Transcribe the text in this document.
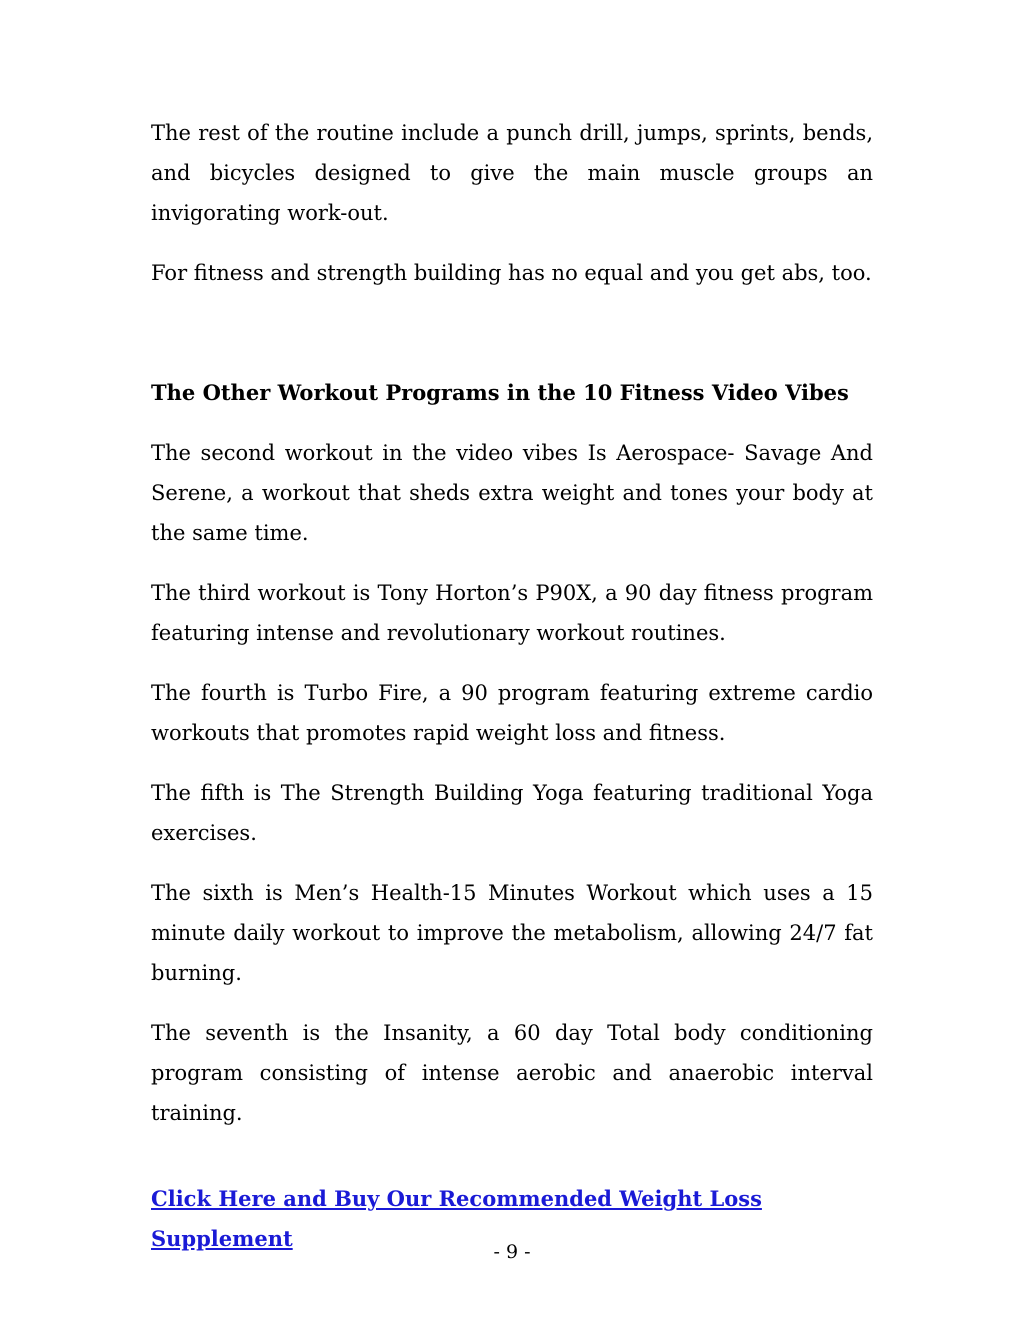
The rest of the routine include a punch drill, jumps, sprints, bends, and bicycles designed to give the main muscle groups an invigorating work-out.

For fitness and strength building has no equal and you get abs, too.

The Other Workout Programs in the 10 Fitness Video Vibes

The second workout in the video vibes Is Aerospace- Savage And Serene, a workout that sheds extra weight and tones your body at the same time.

The third workout is Tony Horton’s P90X, a 90 day fitness program featuring intense and revolutionary workout routines.

The fourth is Turbo Fire, a 90 program featuring extreme cardio workouts that promotes rapid weight loss and fitness.

The fifth is The Strength Building Yoga featuring traditional Yoga exercises.

The sixth is Men’s Health-15 Minutes Workout which uses a 15 minute daily workout to improve the metabolism, allowing 24/7 fat burning.

The seventh is the Insanity, a 60 day Total body conditioning program consisting of intense aerobic and anaerobic interval training.

Click Here and Buy Our Recommended Weight Loss Supplement

- 9 -
